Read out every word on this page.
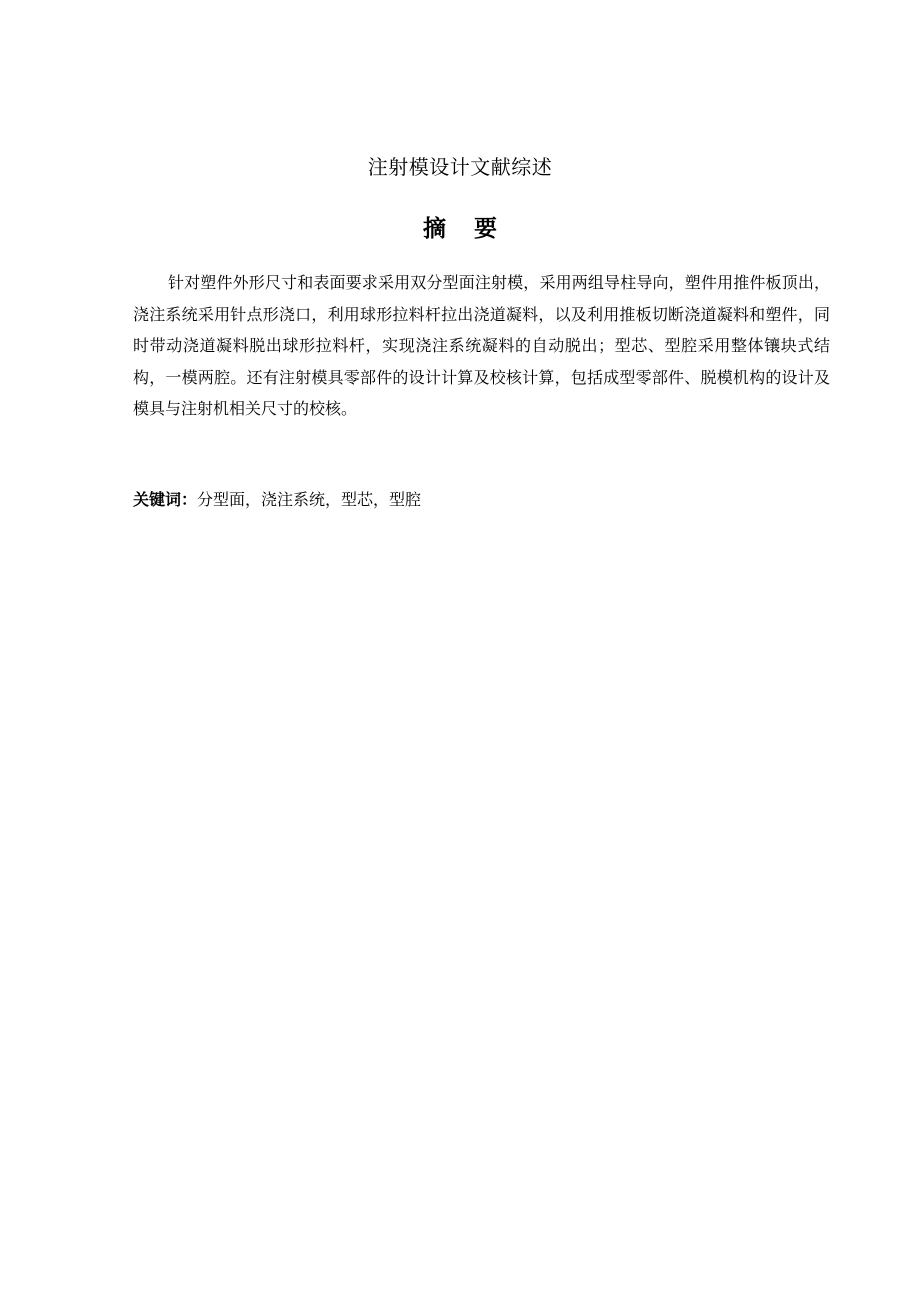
注射模设计文献综述
摘要

针对塑件外形尺寸和表面要求采用双分型面注射模，采用两组导柱导向，塑件用推件板顶出，浇注系统采用针点形浇口，利用球形拉料杆拉出浇道凝料，以及利用推板切断浇道凝料和塑件，同时带动浇道凝料脱出球形拉料杆，实现浇注系统凝料的自动脱出；型芯、型腔采用整体镶块式结构，一模两腔。还有注射模具零部件的设计计算及校核计算，包括成型零部件、脱模机构的设计及模具与注射机相关尺寸的校核。

关键词：分型面，浇注系统，型芯，型腔
